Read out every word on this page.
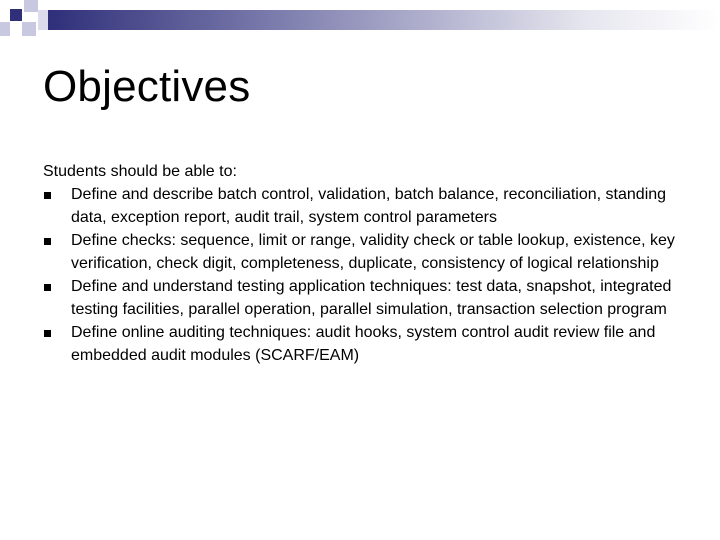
Objectives

Students should be able to:

Define and describe batch control, validation, batch balance, reconciliation, standing data, exception report, audit trail, system control parameters
Define checks: sequence, limit or range, validity check or table lookup, existence, key verification, check digit, completeness, duplicate, consistency of logical relationship
Define and understand testing application techniques: test data, snapshot, integrated testing facilities, parallel operation, parallel simulation, transaction selection program
Define online auditing techniques: audit hooks, system control audit review file and embedded audit modules (SCARF/EAM)
